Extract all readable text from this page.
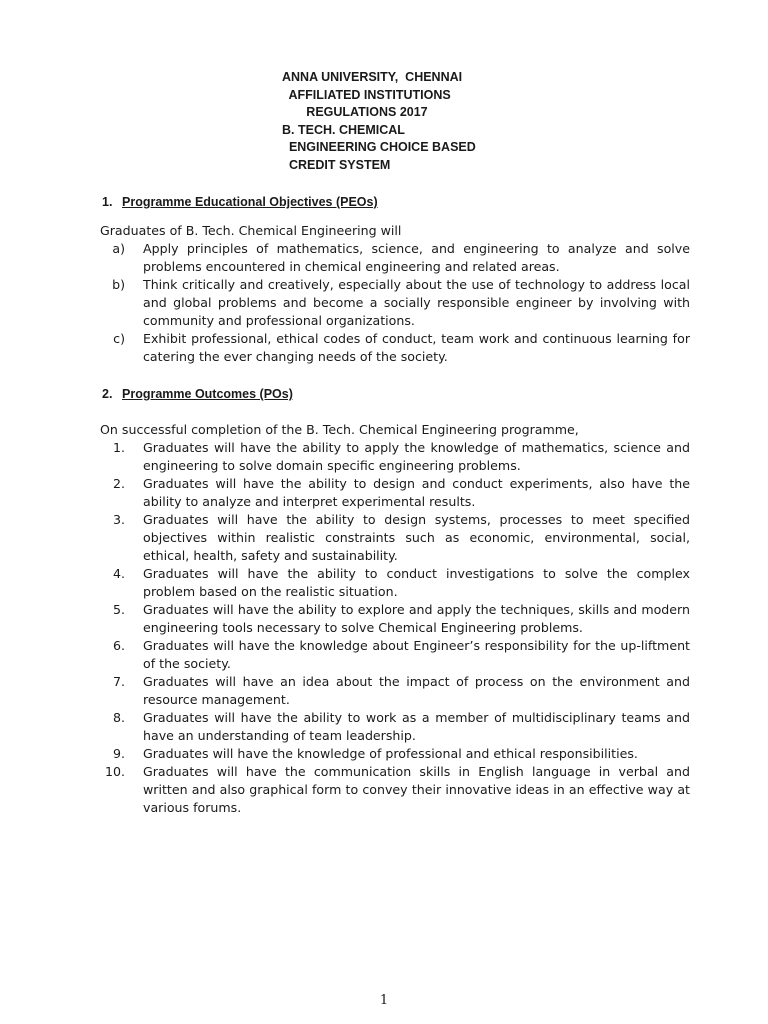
ANNA UNIVERSITY,  CHENNAI
AFFILIATED INSTITUTIONS
REGULATIONS 2017
B. TECH. CHEMICAL
ENGINEERING CHOICE BASED
CREDIT SYSTEM
1. Programme Educational Objectives (PEOs)
Graduates of B. Tech. Chemical Engineering will
a) Apply principles of mathematics, science, and engineering to analyze and solve problems encountered in chemical engineering and related areas.
b) Think critically and creatively, especially about the use of technology to address local and global problems and become a socially responsible engineer by involving with community and professional organizations.
c) Exhibit professional, ethical codes of conduct, team work and continuous learning for catering the ever changing needs of the society.
2. Programme Outcomes (POs)
On successful completion of the B. Tech. Chemical Engineering programme,
1. Graduates will have the ability to apply the knowledge of mathematics, science and engineering to solve domain specific engineering problems.
2. Graduates will have the ability to design and conduct experiments, also have the ability to analyze and interpret experimental results.
3. Graduates will have the ability to design systems, processes to meet specified objectives within realistic constraints such as economic, environmental, social, ethical, health, safety and sustainability.
4. Graduates will have the ability to conduct investigations to solve the complex problem based on the realistic situation.
5. Graduates will have the ability to explore and apply the techniques, skills and modern engineering tools necessary to solve Chemical Engineering problems.
6. Graduates will have the knowledge about Engineer’s responsibility for the up-liftment of the society.
7. Graduates will have an idea about the impact of process on the environment and resource management.
8. Graduates will have the ability to work as a member of multidisciplinary teams and have an understanding of team leadership.
9. Graduates will have the knowledge of professional and ethical responsibilities.
10. Graduates will have the communication skills in English language in verbal and written and also graphical form to convey their innovative ideas in an effective way at various forums.
1
